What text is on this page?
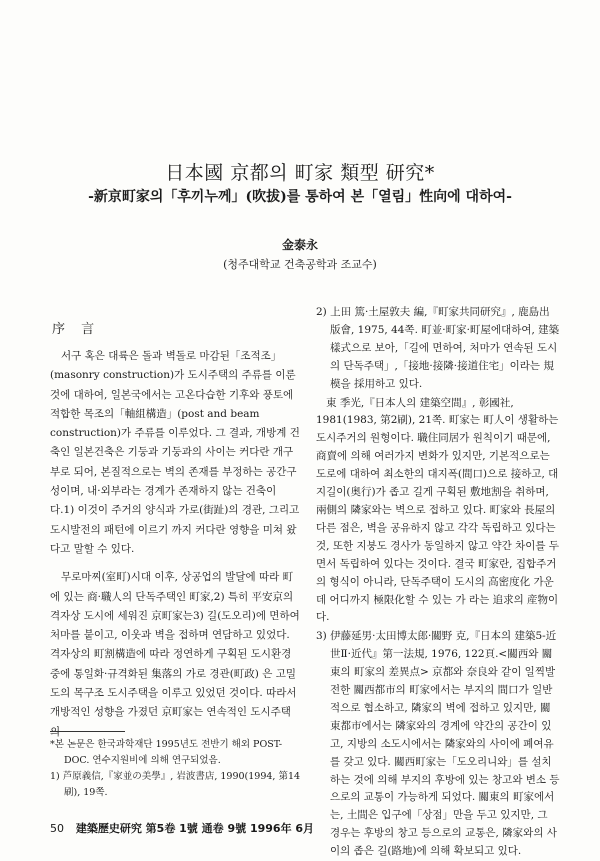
日本國 京都의 町家 類型 研究*
-新京町家의「후끼누께」(吹拔)를 통하여 본「열림」性向에 대하여-
金泰永
(청주대학교 건축공학과 조교수)
序 言

서구 혹은 대륙은 돌과 벽돌로 마감된「조적조」(masonry construction)가 도시주택의 주류를 이룬 것에 대하여, 일본국에서는 고온다습한 기후와 풍토에 적합한 목조의「軸組構造」(post and beam construction)가 주류를 이루었다. 그 결과, 개방계 건축인 일본건축은 기둥과 기둥과의 사이는 커다란 개구부로 되어, 본질적으로는 벽의 존재를 부정하는 공간구성이며, 내·외부라는 경계가 존재하지 않는 건축이다.1) 이것이 주거의 양식과 가로(街趾)의 경관, 그리고 도시발전의 패턴에 이르기 까지 커다란 영향을 미쳐 왔다고 말할 수 있다.

무로마찌(室町)시대 이후, 상공업의 발달에 따라 町에 있는 商·職人의 단독주택인 町家,2) 특히 平安京의 격자상 도시에 세워진 京町家는3) 길(도오리)에 면하여 처마를 붙이고, 이웃과 벽을 접하며 연담하고 있었다. 격자상의 町割構造에 따라 정연하게 구획된 도시환경 중에 통일화·규격화된 集落의 가로 경관(町政) 은 고밀도의 목구조 도시주택을 이루고 있었던 것이다. 따라서 개방적인 성향을 가졌던 京町家는 연속적인 도시주택의

*본 논문은 한국과학재단 1995년도 전반기 해외 POST-DOC. 연수지원비에 의해 연구되었음.
1) 芦原義信,『家並の美學』, 岩波書店, 1990(1994, 第14刷), 19쪽.
2) 上田 篤·土屋敦夫 編,『町家共同研究』, 鹿島出版會, 1975, 44쪽. 町並·町家·町屋에대하여, 建築樣式으로 보아,「길에 면하여, 처마가 연속된 도시의 단독주택」,「接地·接隣·接道住宅」이라는 規模을 採用하고 있다.
東 季光,『日本人의 建築空間』, 彰國社, 1981(1983, 第2刷), 21쪽. 町家는 町人이 생활하는 도시주거의 원형이다. 職住同居가 원칙이기 때문에, 商賣에 의해 여러가지 변화가 있지만, 기본적으로는 도로에 대하여 최소한의 대지폭(間口)으로 接하고, 대지길이(奥行)가 좁고 길게 구획된 敷地割을 취하며, 兩側의 隣家와는 벽으로 접하고 있다. 町家와 長屋의 다른 점은, 벽을 공유하지 않고 각각 독립하고 있다는 것, 또한 지붕도 경사가 동일하지 않고 약간 차이를 두면서 독립하여 있다는 것이다. 결국 町家란, 집합주거의 형식이 아니라, 단독주택이 도시의 高密度化 가운데 어디까지 極限化할 수 있는 가 라는 追求의 産物이다.
3) 伊藤延男·太田博太郎·關野 克,『日本의 建築5-近世Ⅱ·近代』第一法規, 1976, 122頁.<關西와 關東의 町家의 差異点> 京都와 奈良와 같이 일찍발전한 關西都市의 町家에서는 부지의 間口가 일반적으로 협소하고, 隣家의 벽에 접하고 있지만, 關東都市에서는 隣家와의 경계에 약간의 공간이 있고, 지방의 소도시에서는 隣家와의 사이에 폐여유를 갖고 있다. 關西町家는「도오리니와」를 설치하는 것에 의해 부지의 후방에 있는 창고와 변소 등으로의 교통이 가능하게 되었다. 關東의 町家에서는, 土間은 입구에「상점」만을 두고 있지만, 그 경우는 후방의 창고 등으로의 교통은, 隣家와의 사이의 좁은 길(路地)에 의해 확보되고 있다.
50 建築歷史研究 第5卷 1號 通卷 9號 1996年 6月
